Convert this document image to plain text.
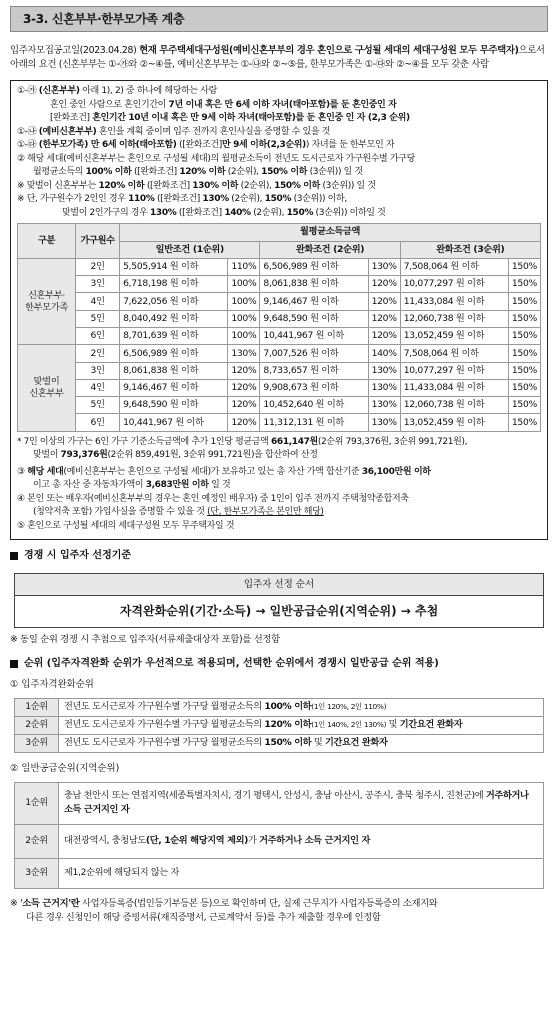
3-3. 신혼부부·한부모가족 계층
입주자모집공고일(2023.04.28) 현재 무주택세대구성원(예비신혼부부의 경우 혼인으로 구성될 세대의 세대구성원 모두 무주택자)으로서 아래의 요건 (신혼부부는 ①-㉮와 ②~④를, 예비신혼부부는 ①-㉯와 ②~⑤를, 한부모가족은 ①-㉰와 ②~④를 모두 갖춘 사람

①-㉮ (신혼부부) 아래 1), 2) 중 하나에 해당하는 사람

혼인 중인 사람으로 혼인기간이 7년 이내 혹은 만 6세 이하 자녀(태아포함)를 둔 혼인중인 자

[완화조건] 혼인기간 10년 이내 혹은 만 9세 이하 자녀(태아포함)를 둔 혼인중 인 자 (2,3 순위)

①-㉯ (예비신혼부부) 혼인을 계획 중이며 입주 전까지 혼인사실을 증명할 수 있을 것

①-㉰ (한부모가족) 만 6세 이하(태아포함) ([완화조건]만 9세 이하(2,3순위)) 자녀를 둔 한부모인 자

② 해당 세대(예비신혼부부는 혼인으로 구성될 세대)의 월평균소득이 전년도 도시근로자 가구원수별 가구당

월평균소득의 100% 이하 ([완화조건] 120% 이하 (2순위), 150% 이하 (3순위)) 일 것

※ 맞벌이 신혼부부는 120% 이하 ([완화조건] 130% 이하 (2순위), 150% 이하 (3순위)) 일 것

※ 단, 가구원수가 2인인 경우 110% ([완화조건] 130% (2순위), 150% (3순위)) 이하,

맞벌이 2인가구의 경우 130% ([완화조건] 140% (2순위), 150% (3순위)) 이하일 것

구분	가구원수	월평균소득금액					
		일반조건 (1순위)		완화조건 (2순위)		완화조건 (3순위)	
신혼부부·
한부모가족	2인	5,505,914 원 이하	110%	6,506,989 원 이하	130%	7,508,064 원 이하	150%
	3인	6,718,198 원 이하	100%	8,061,838 원 이하	120%	10,077,297 원 이하	150%
	4인	7,622,056 원 이하	100%	9,146,467 원 이하	120%	11,433,084 원 이하	150%
	5인	8,040,492 원 이하	100%	9,648,590 원 이하	120%	12,060,738 원 이하	150%
	6인	8,701,639 원 이하	100%	10,441,967 원 이하	120%	13,052,459 원 이하	150%
맞벌이
신혼부부	2인	6,506,989 원 이하	130%	7,007,526 원 이하	140%	7,508,064 원 이하	150%
	3인	8,061,838 원 이하	120%	8,733,657 원 이하	130%	10,077,297 원 이하	150%
	4인	9,146,467 원 이하	120%	9,908,673 원 이하	130%	11,433,084 원 이하	150%
	5인	9,648,590 원 이하	120%	10,452,640 원 이하	130%	12,060,738 원 이하	150%
	6인	10,441,967 원 이하	120%	11,312,131 원 이하	130%	13,052,459 원 이하	150%

* 7인 이상의 가구는 6인 가구 기준소득금액에 추가 1인당 평균금액 661,147원(2순위 793,376원, 3순위 991,721원),

맞벌이 793,376원(2순위 859,491원, 3순위 991,721원)을 합산하여 산정

③ 해당 세대(예비신혼부부는 혼인으로 구성될 세대)가 보유하고 있는 총 자산 가액 합산기준 36,100만원 이하

이고 총 자산 중 자동차가액이 3,683만원 이하 일 것

④ 본인 또는 배우자(예비신혼부부의 경우는 혼인 예정인 배우자) 중 1인이 입주 전까지 주택청약종합저축

(청약저축 포함) 가입사실을 증명할 수 있을 것 (단, 한부모가족은 본인만 해당)

⑤ 혼인으로 구성될 세대의 세대구성원 모두 무주택자일 것

경쟁 시 입주자 선정기준
입주자 선정 순서
자격완화순위(기간·소득) → 일반공급순위(지역순위) → 추첨

※ 동일 순위 경쟁 시 추첨으로 입주자(서류제출대상자 포함)를 선정함

순위 (입주자격완화 순위가 우선적으로 적용되며, 선택한 순위에서 경쟁시 일반공급 순위 적용)

① 입주자격완화순위

1순위	전년도 도시근로자 가구원수별 가구당 월평균소득의 100% 이하(1인 120%, 2인 110%)
2순위	전년도 도시근로자 가구원수별 가구당 월평균소득의 120% 이하(1인 140%, 2인 130%) 및 기간요건 완화자
3순위	전년도 도시근로자 가구원수별 가구당 월평균소득의 150% 이하 및 기간요건 완화자

② 일반공급순위(지역순위)

1순위	충남 천안시 또는 연접지역(세종특별자치시, 경기 평택시, 안성시, 충남 아산시, 공주시, 충북 청주시, 진천군)에 거주하거나 소득 근거지인 자
2순위	대전광역시, 충청남도(단, 1순위 해당지역 제외)가 거주하거나 소득 근거지인 자
3순위	제1,2순위에 해당되지 않는 자

※ '소득 근거지'란 사업자등록증(법인등기부등본 등)으로 확인하며 단, 실제 근무지가 사업자등록증의 소재지와

다른 경우 신청인이 해당 증빙서류(재직증명서, 근로계약서 등)를 추가 제출할 경우에 인정함
